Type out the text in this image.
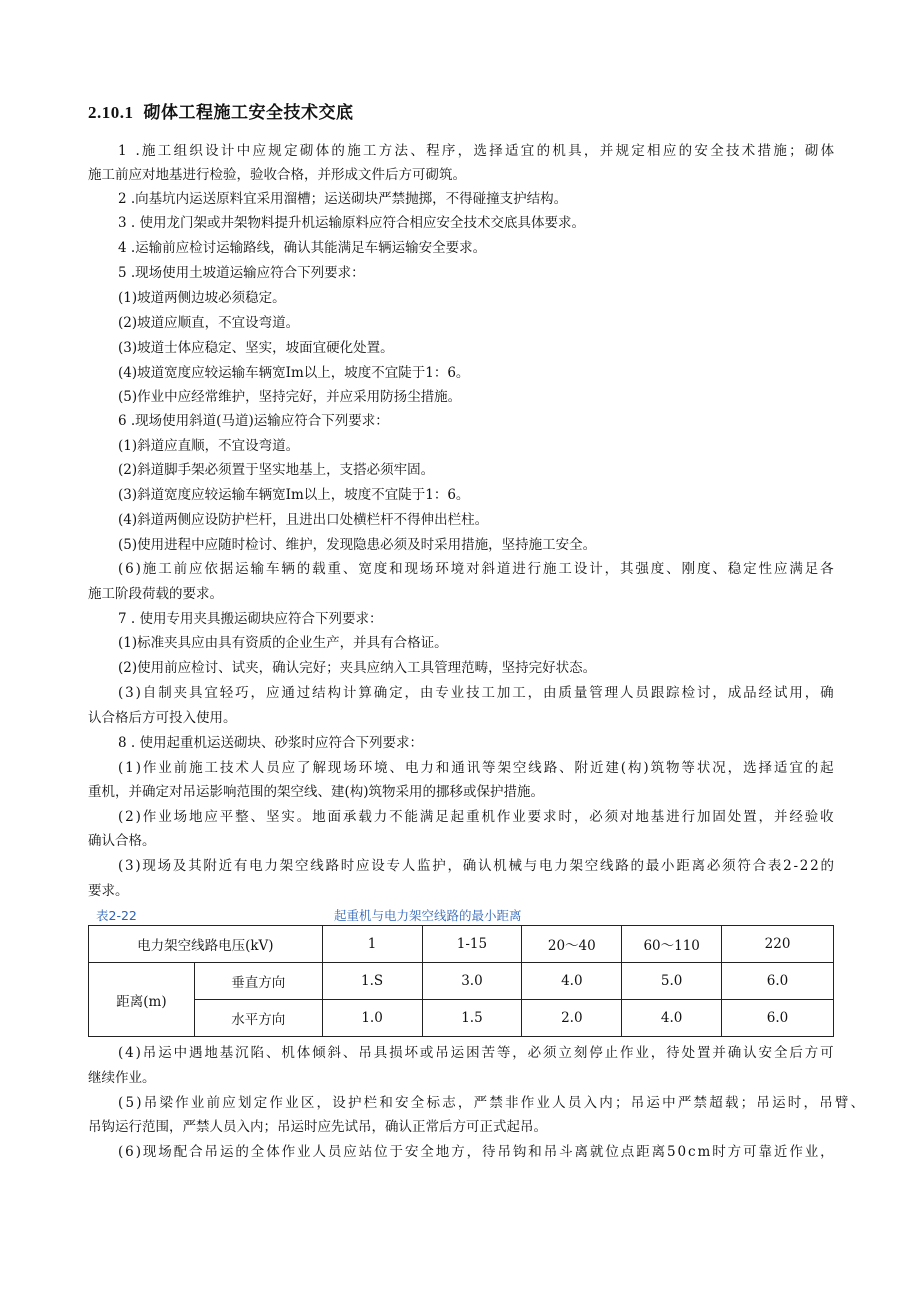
2.10.1 砌体工程施工安全技术交底
1 .施工组织设计中应规定砌体的施工方法、程序，选择适宜的机具，并规定相应的安全技术措施；砌体
施工前应对地基进行检验，验收合格，并形成文件后方可砌筑。
2 .向基坑内运送原料宜采用溜槽；运送砌块严禁抛掷，不得碰撞支护结构。
3 . 使用龙门架或井架物料提升机运输原料应符合相应安全技术交底具体要求。
4 .运输前应检讨运输路线，确认其能满足车辆运输安全要求。
5 .现场使用土坡道运输应符合下列要求：
(1)坡道两侧边坡必须稳定。
(2)坡道应顺直，不宜设弯道。
(3)坡道士体应稳定、坚实，坡面宜硬化处置。
(4)坡道宽度应较运输车辆宽Im以上，坡度不宜陡于1：6。
(5)作业中应经常维护，坚持完好，并应采用防扬尘措施。
6 .现场使用斜道(马道)运输应符合下列要求：
(1)斜道应直顺，不宜设弯道。
(2)斜道脚手架必须置于坚实地基上，支搭必须牢固。
(3)斜道宽度应较运输车辆宽Im以上，坡度不宜陡于1：6。
(4)斜道两侧应设防护栏杆，且进出口处横栏杆不得伸出栏柱。
(5)使用进程中应随时检讨、维护，发现隐患必须及时采用措施，坚持施工安全。
(6)施工前应依据运输车辆的载重、宽度和现场环境对斜道进行施工设计，其强度、刚度、稳定性应满足各
施工阶段荷载的要求。
7 . 使用专用夹具搬运砌块应符合下列要求：
(1)标准夹具应由具有资质的企业生产，并具有合格证。
(2)使用前应检讨、试夹，确认完好；夹具应纳入工具管理范畴，坚持完好状态。
(3)自制夹具宜轻巧，应通过结构计算确定，由专业技工加工，由质量管理人员跟踪检讨，成品经试用，确
认合格后方可投入使用。
8 . 使用起重机运送砌块、砂浆时应符合下列要求：
(1)作业前施工技术人员应了解现场环境、电力和通讯等架空线路、附近建(构)筑物等状况，选择适宜的起
重机，并确定对吊运影响范围的架空线、建(构)筑物采用的挪移或保护措施。
(2)作业场地应平整、坚实。地面承载力不能满足起重机作业要求时，必须对地基进行加固处置，并经验收
确认合格。
(3)现场及其附近有电力架空线路时应设专人监护，确认机械与电力架空线路的最小距离必须符合表2-22的
要求。
(4)吊运中遇地基沉陷、机体倾斜、吊具损坏或吊运困苦等，必须立刻停止作业，待处置并确认安全后方可
继续作业。
(5)吊梁作业前应划定作业区，设护栏和安全标志，严禁非作业人员入内；吊运中严禁超载；吊运时，吊臂、
吊钩运行范围，严禁人员入内；吊运时应先试吊，确认正常后方可正式起吊。
(6)现场配合吊运的全体作业人员应站位于安全地方，待吊钩和吊斗离就位点距离50cm时方可靠近作业，
表2-22	起重机与电力架空线路的最小距离
电力架空线路电压(kV)		1	1-15	20～40	60～110	220
距离(m)	垂直方向	1.S	3.0	4.0	5.0	6.0
	水平方向	1.0	1.5	2.0	4.0	6.0
